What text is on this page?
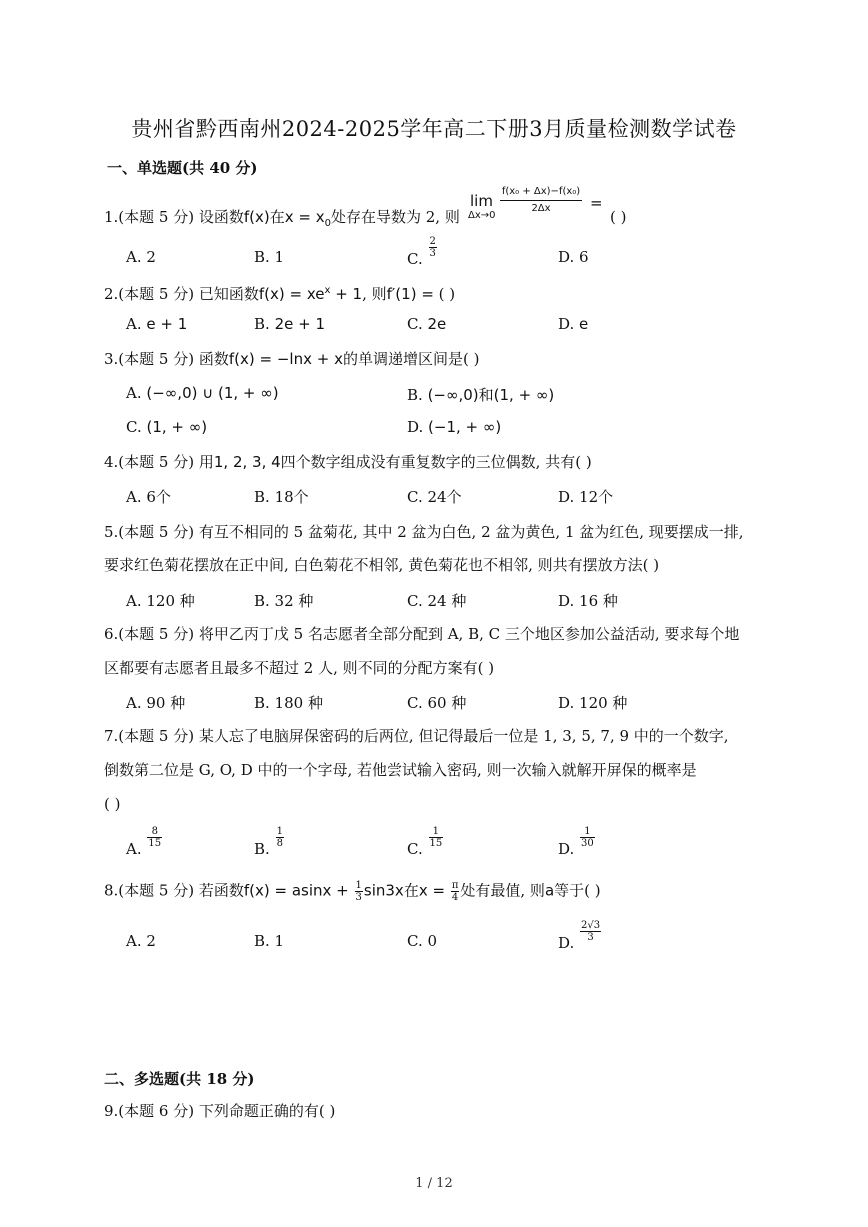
贵州省黔西南州2024-2025学年高二下册3月质量检测数学试卷
一、单选题(共 40 分)
1.(本题 5 分) 设函数f(x)在$x = x_0$处存在导数为 2, 则
lim
Δx→0
$\frac{\text{f(x₀ + Δx)−f(x₀)}}{2\Delta x}$ =
( )
A. 2	B. 1	C. $\frac{2}{3}$	D. 6
2.(本题 5 分) 已知函数$f(x) = xe^x + 1$, 则f′(1) = ( )
A. e + 1	B. 2e + 1	C. 2e	D. e
3.(本题 5 分) 函数f(x) = −lnx + x的单调递增区间是( )
A. (−∞,0) ∪ (1, + ∞)	B. (−∞,0)和(1, + ∞)
C. (1, + ∞)	D. (−1, + ∞)
4.(本题 5 分) 用1, 2, 3, 4四个数字组成没有重复数字的三位偶数, 共有( )
A. 6个	B. 18个	C. 24个	D. 12个
5.(本题 5 分) 有互不相同的 5 盆菊花, 其中 2 盆为白色, 2 盆为黄色, 1 盆为红色, 现要摆成一排,
要求红色菊花摆放在正中间, 白色菊花不相邻, 黄色菊花也不相邻, 则共有摆放方法( )
A. 120 种	B. 32 种	C. 24 种	D. 16 种
6.(本题 5 分) 将甲乙丙丁戊 5 名志愿者全部分配到 A, B, C 三个地区参加公益活动, 要求每个地
区都要有志愿者且最多不超过 2 人, 则不同的分配方案有( )
A. 90 种	B. 180 种	C. 60 种	D. 120 种
7.(本题 5 分) 某人忘了电脑屏保密码的后两位, 但记得最后一位是 1, 3, 5, 7, 9 中的一个数字,
倒数第二位是 G, O, D 中的一个字母, 若他尝试输入密码, 则一次输入就解开屏保的概率是
( )
A. $\frac{8}{15}$	B. $\frac{1}{8}$	C. $\frac{1}{15}$	D. $\frac{1}{30}$
8.(本题 5 分) 若函数$f(x) = asinx + \frac{1}{3} \sin 3x$在$x = \frac{\pi}{4}$ 处有最值, 则a等于( )
A. 2	B. 1	C. 0	D. $\frac{2√3}{3}$
二、多选题(共 18 分)
9.(本题 6 分) 下列命题正确的有( )
1 / 12
